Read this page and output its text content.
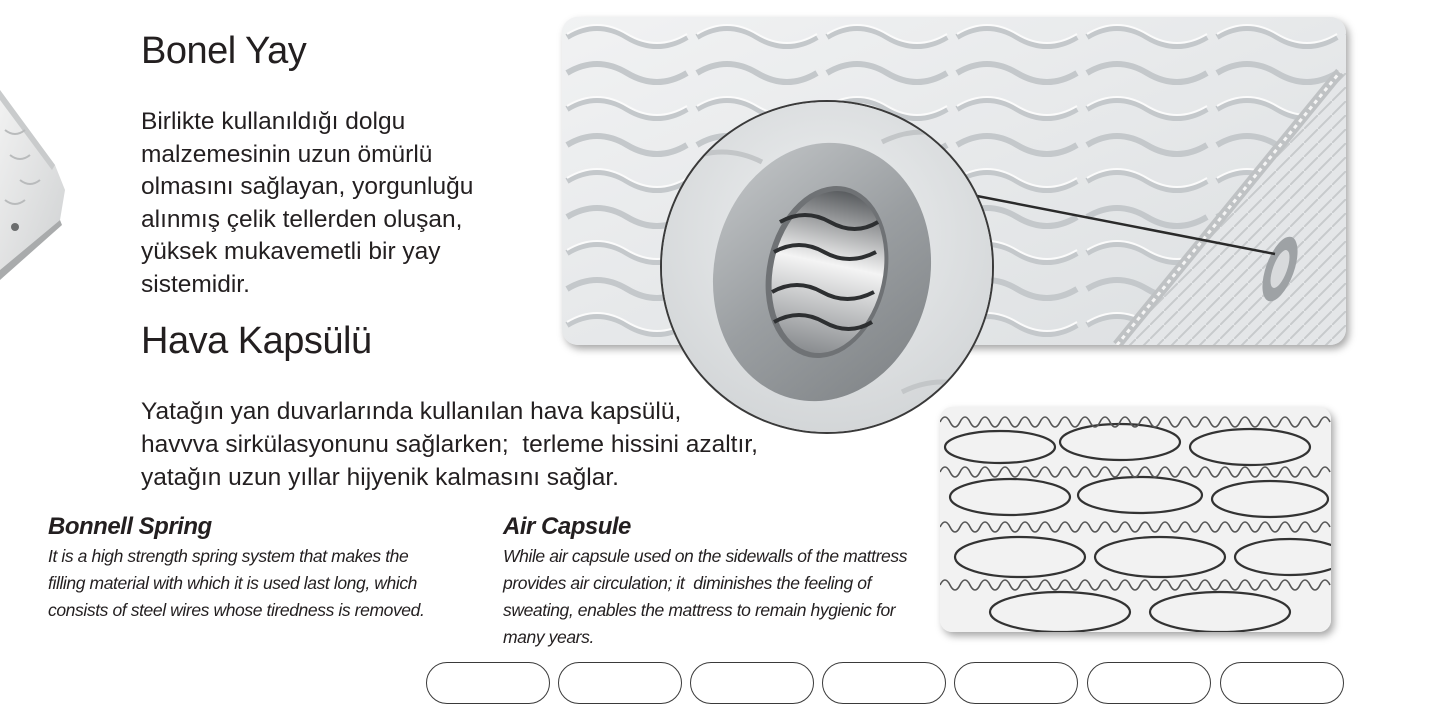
Bonel Yay

Birlikte kullanıldığı dolgu

malzemesinin uzun ömürlü

olmasını sağlayan, yorgunluğu

alınmış çelik tellerden oluşan,

yüksek mukavemetli bir yay

sistemidir.

Hava Kapsülü

Yatağın yan duvarlarında kullanılan hava kapsülü,

havvva sirkülasyonunu sağlarken;  terleme hissini azaltır,

yatağın uzun yıllar hijyenik kalmasını sağlar.

Bonnell Spring

It is a high strength spring system that makes the

filling material with which it is used last long, which

consists of steel wires whose tiredness is removed.

Air Capsule

While air capsule used on the sidewalls of the mattress

provides air circulation; it  diminishes the feeling of

sweating, enables the mattress to remain hygienic for

many years.
